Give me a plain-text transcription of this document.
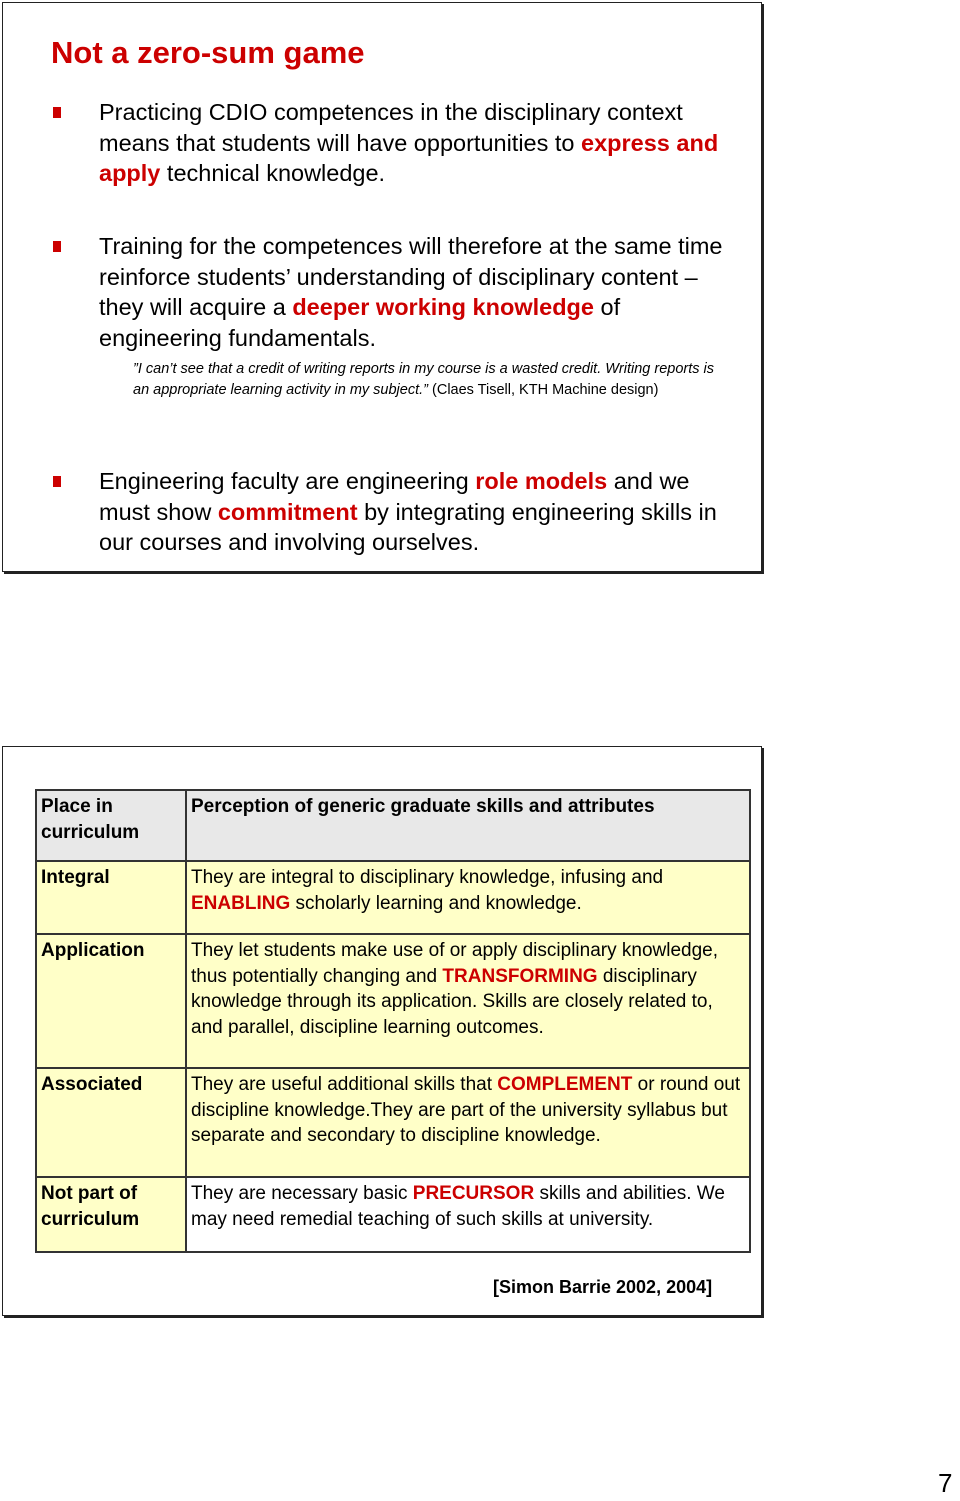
Not a zero-sum game
Practicing CDIO competences in the disciplinary context means that students will have opportunities to express and apply technical knowledge.
Training for the competences will therefore at the same time reinforce students’ understanding of disciplinary content – they will acquire a deeper working knowledge of engineering fundamentals.
”I can’t see that a credit of writing reports in my course is a wasted credit. Writing reports is an appropriate learning activity in my subject.” (Claes Tisell, KTH Machine design)
Engineering faculty are engineering role models and we must show commitment by integrating engineering skills in our courses and involving ourselves.
Place in curriculum	Perception of generic graduate skills and attributes
Integral	They are integral to disciplinary knowledge, infusing and ENABLING scholarly learning and knowledge.
Application	They let students make use of or apply disciplinary knowledge, thus potentially changing and TRANSFORMING disciplinary knowledge through its application. Skills are closely related to, and parallel, discipline learning outcomes.
Associated	They are useful additional skills that COMPLEMENT or round out discipline knowledge.They are part of the university syllabus but separate and secondary to discipline knowledge.
Not part of curriculum	They are necessary basic PRECURSOR skills and abilities. We may need remedial teaching of such skills at university.
[Simon Barrie 2002, 2004]
7
